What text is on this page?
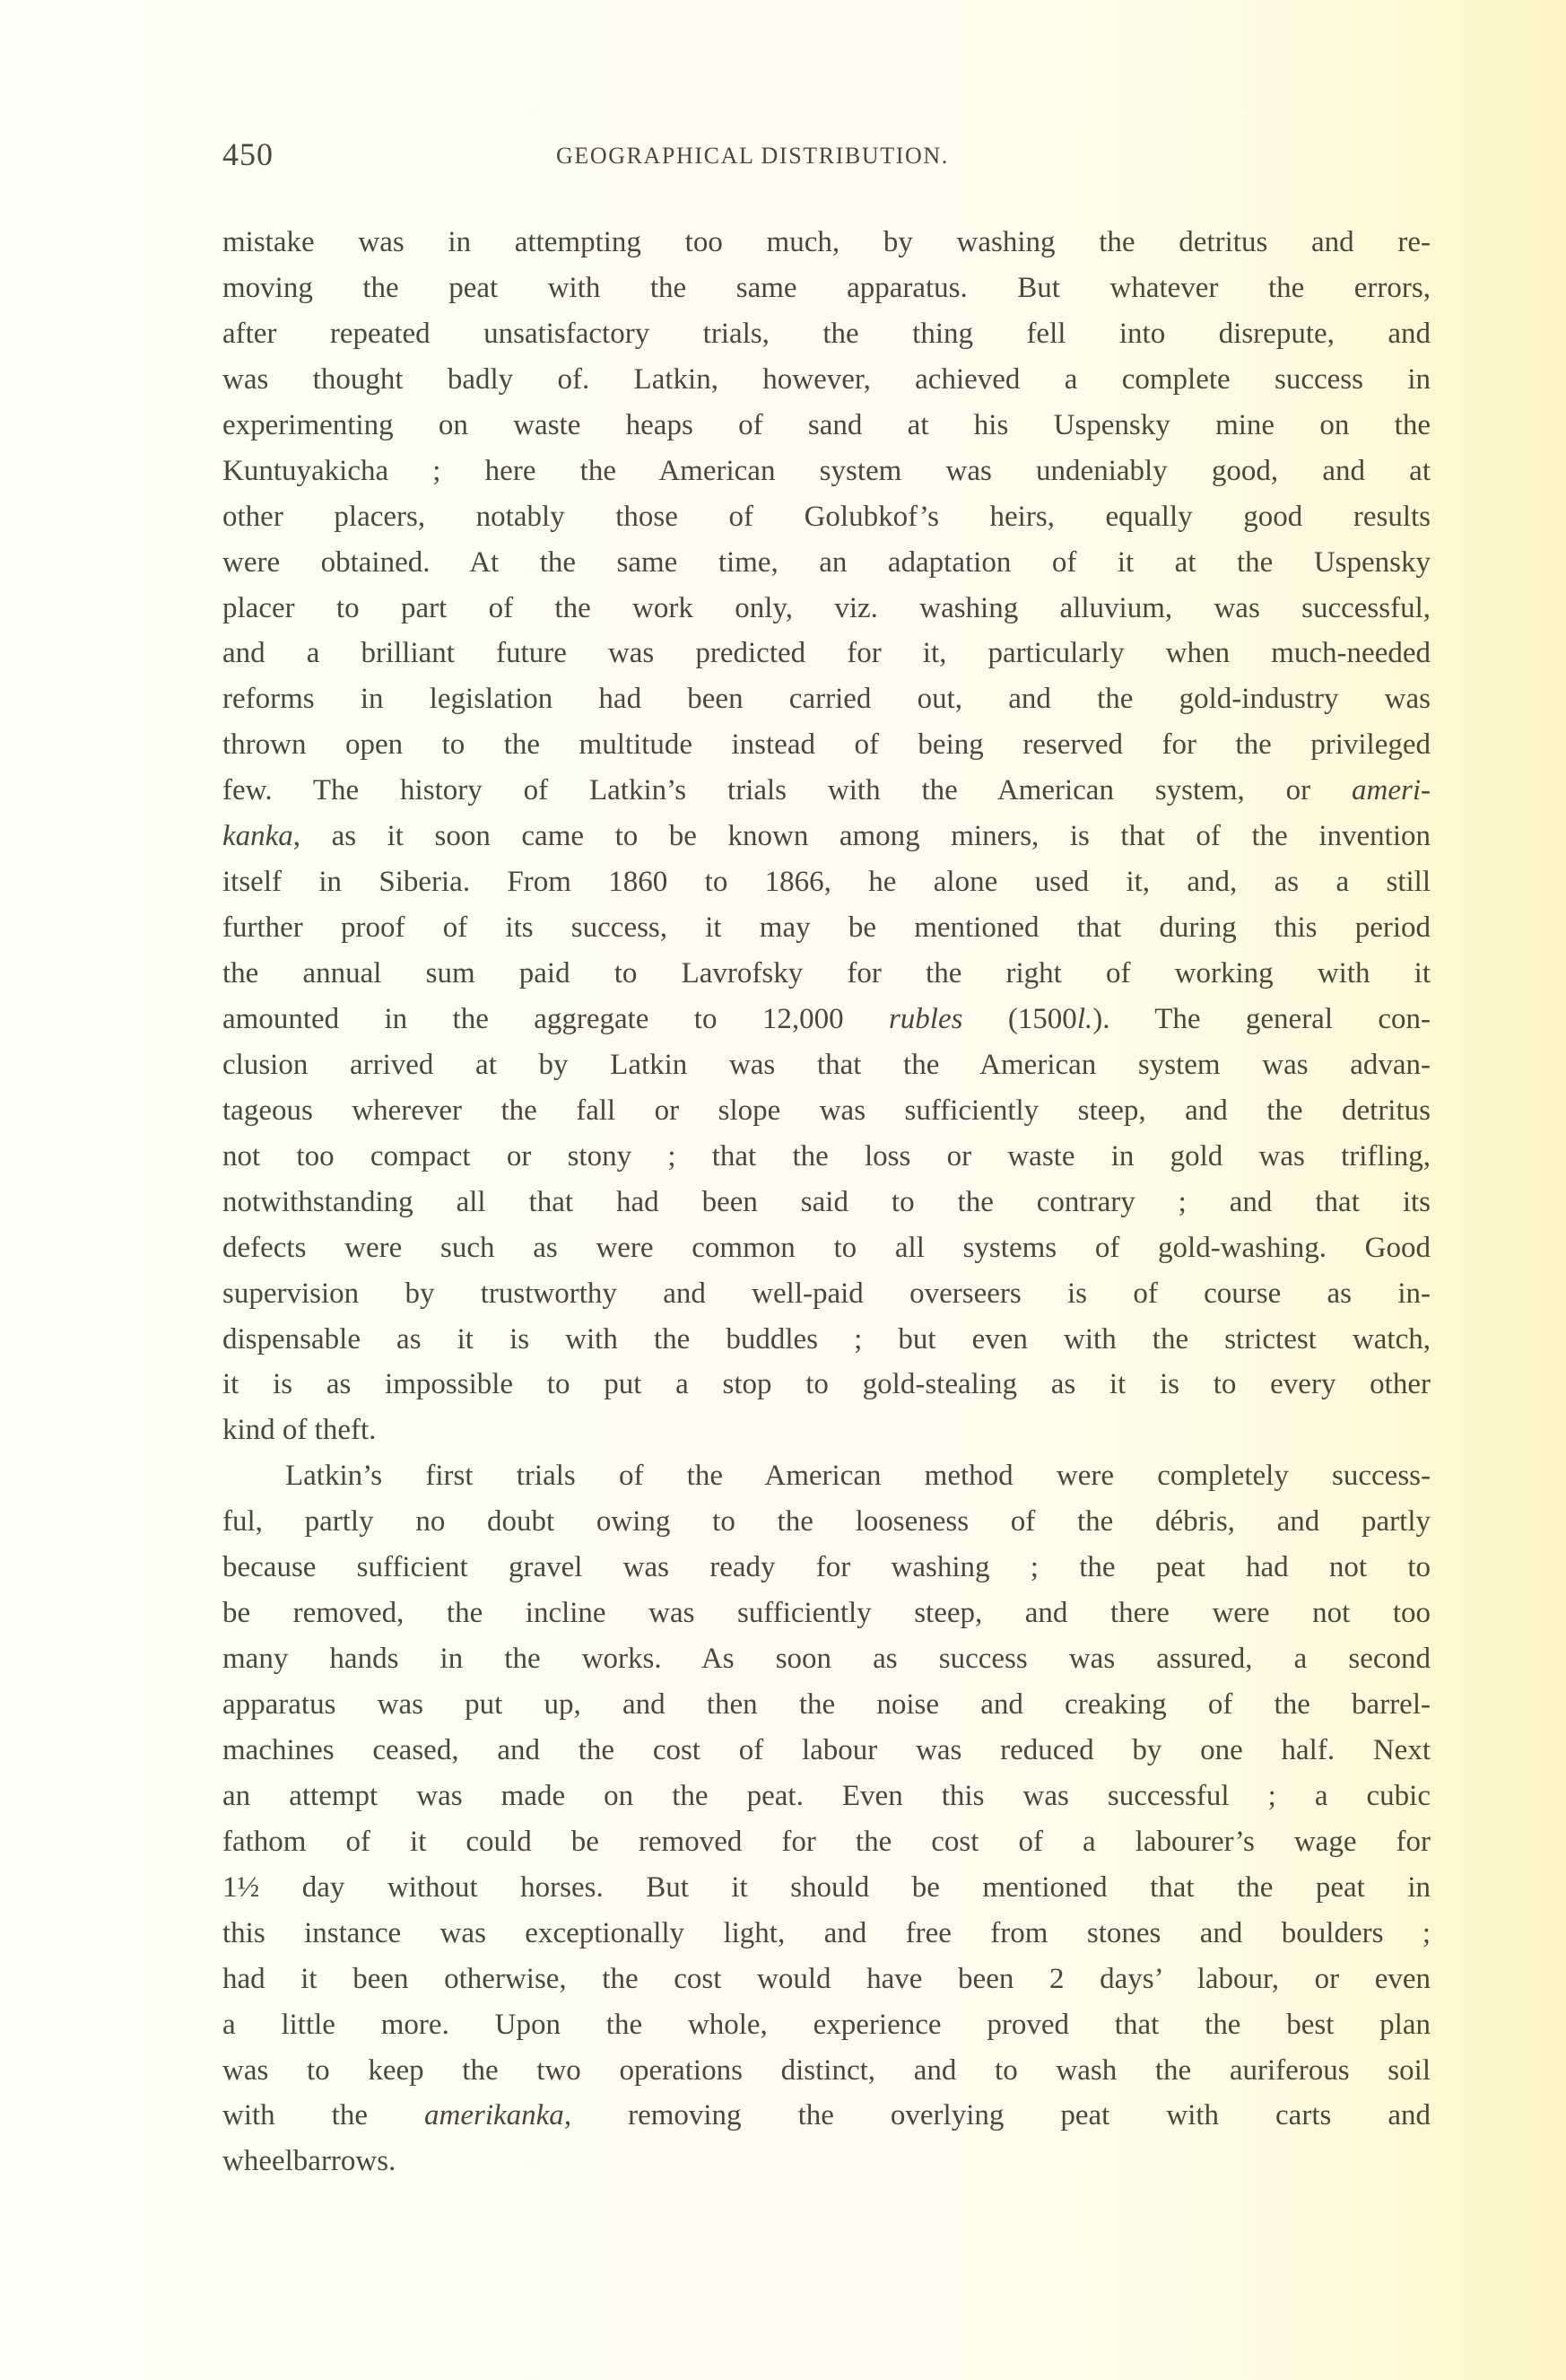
450	GEOGRAPHICAL DISTRIBUTION.
mistake was in attempting too much, by washing the detritus and re-
moving the peat with the same apparatus. But whatever the errors,
after repeated unsatisfactory trials, the thing fell into disrepute, and
was thought badly of. Latkin, however, achieved a complete success in
experimenting on waste heaps of sand at his Uspensky mine on the
Kuntuyakicha ; here the American system was undeniably good, and at
other placers, notably those of Golubkof’s heirs, equally good results
were obtained. At the same time, an adaptation of it at the Uspensky
placer to part of the work only, viz. washing alluvium, was successful,
and a brilliant future was predicted for it, particularly when much-needed
reforms in legislation had been carried out, and the gold-industry was
thrown open to the multitude instead of being reserved for the privileged
few. The history of Latkin’s trials with the American system, or ameri-
kanka, as it soon came to be known among miners, is that of the invention
itself in Siberia. From 1860 to 1866, he alone used it, and, as a still
further proof of its success, it may be mentioned that during this period
the annual sum paid to Lavrofsky for the right of working with it
amounted in the aggregate to 12,000 rubles (1500l.). The general con-
clusion arrived at by Latkin was that the American system was advan-
tageous wherever the fall or slope was sufficiently steep, and the detritus
not too compact or stony ; that the loss or waste in gold was trifling,
notwithstanding all that had been said to the contrary ; and that its
defects were such as were common to all systems of gold-washing. Good
supervision by trustworthy and well-paid overseers is of course as in-
dispensable as it is with the buddles ; but even with the strictest watch,
it is as impossible to put a stop to gold-stealing as it is to every other
kind of theft.
Latkin’s first trials of the American method were completely success-
ful, partly no doubt owing to the looseness of the débris, and partly
because sufficient gravel was ready for washing ; the peat had not to
be removed, the incline was sufficiently steep, and there were not too
many hands in the works. As soon as success was assured, a second
apparatus was put up, and then the noise and creaking of the barrel-
machines ceased, and the cost of labour was reduced by one half. Next
an attempt was made on the peat. Even this was successful ; a cubic
fathom of it could be removed for the cost of a labourer’s wage for
1½ day without horses. But it should be mentioned that the peat in
this instance was exceptionally light, and free from stones and boulders ;
had it been otherwise, the cost would have been 2 days’ labour, or even
a little more. Upon the whole, experience proved that the best plan
was to keep the two operations distinct, and to wash the auriferous soil
with the amerikanka, removing the overlying peat with carts and
wheelbarrows.
